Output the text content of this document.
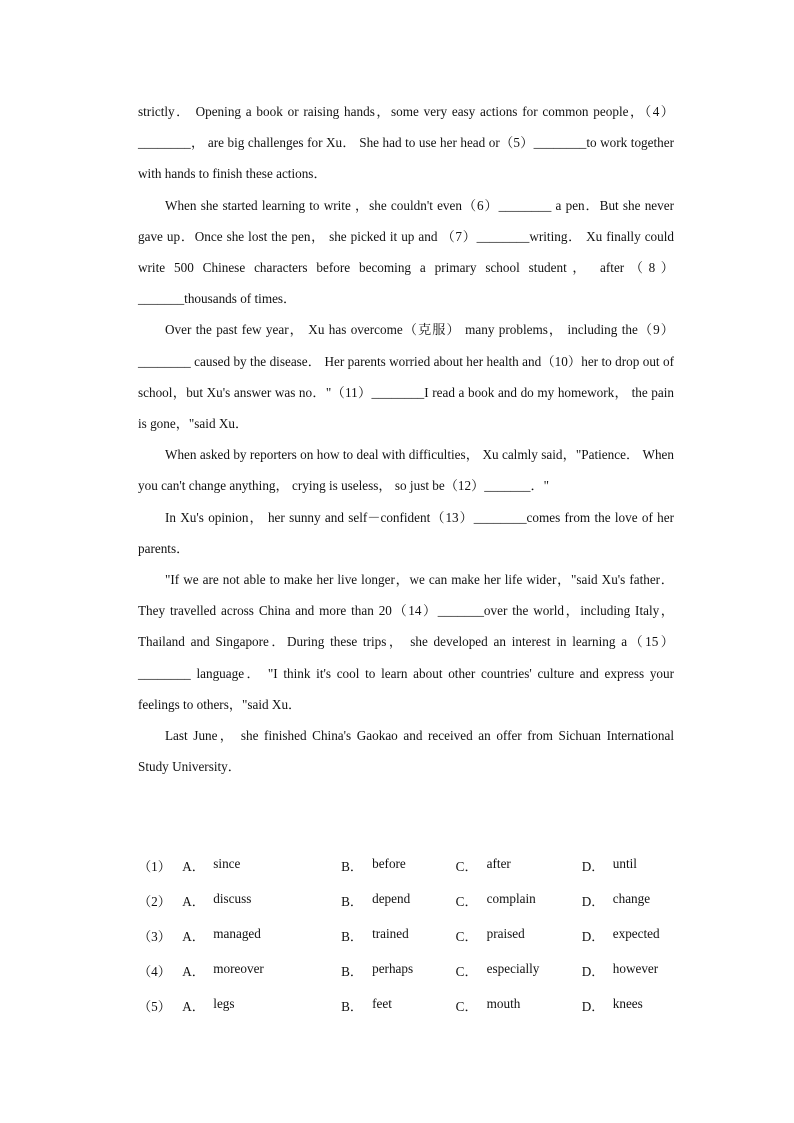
strictly． Opening a book or raising hands，some very easy actions for common people，（4）________， are big challenges for Xu． She had to use her head or（5）________to work together with hands to finish these actions．

When she started learning to write ，she couldn't even（6）________ a pen．But she never gave up．Once she lost the pen， she picked it up and （7）________writing． Xu finally could write 500 Chinese characters before becoming a primary school student， after（8）_______thousands of times．

Over the past few year， Xu has overcome（克服） many problems， including the（9）________ caused by the disease． Her parents worried about her health and（10）her to drop out of school，but Xu's answer was no．"（11）________I read a book and do my homework， the pain is gone，"said Xu．

When asked by reporters on how to deal with difficulties， Xu calmly said，"Patience． When you can't change anything， crying is useless， so just be（12）_______．"

In Xu's opinion， her sunny and self－confident（13）________comes from the love of her parents．

"If we are not able to make her live longer，we can make her life wider，"said Xu's father．They travelled across China and more than 20（14）_______over the world，including Italy，Thailand and Singapore．During these trips， she developed an interest in learning a（15）________ language． "I think it's cool to learn about other countries' culture and express your feelings to others，"said Xu．

Last June， she finished China's Gaokao and received an offer from Sichuan International Study University．

（1） A． since	B． before	C． after	D． until
（2） A． discuss	B． depend	C． complain	D． change
（3） A． managed	B． trained	C． praised	D． expected
（4） A． moreover	B． perhaps	C． especially	D． however
（5） A． legs	B． feet	C． mouth	D． knees
